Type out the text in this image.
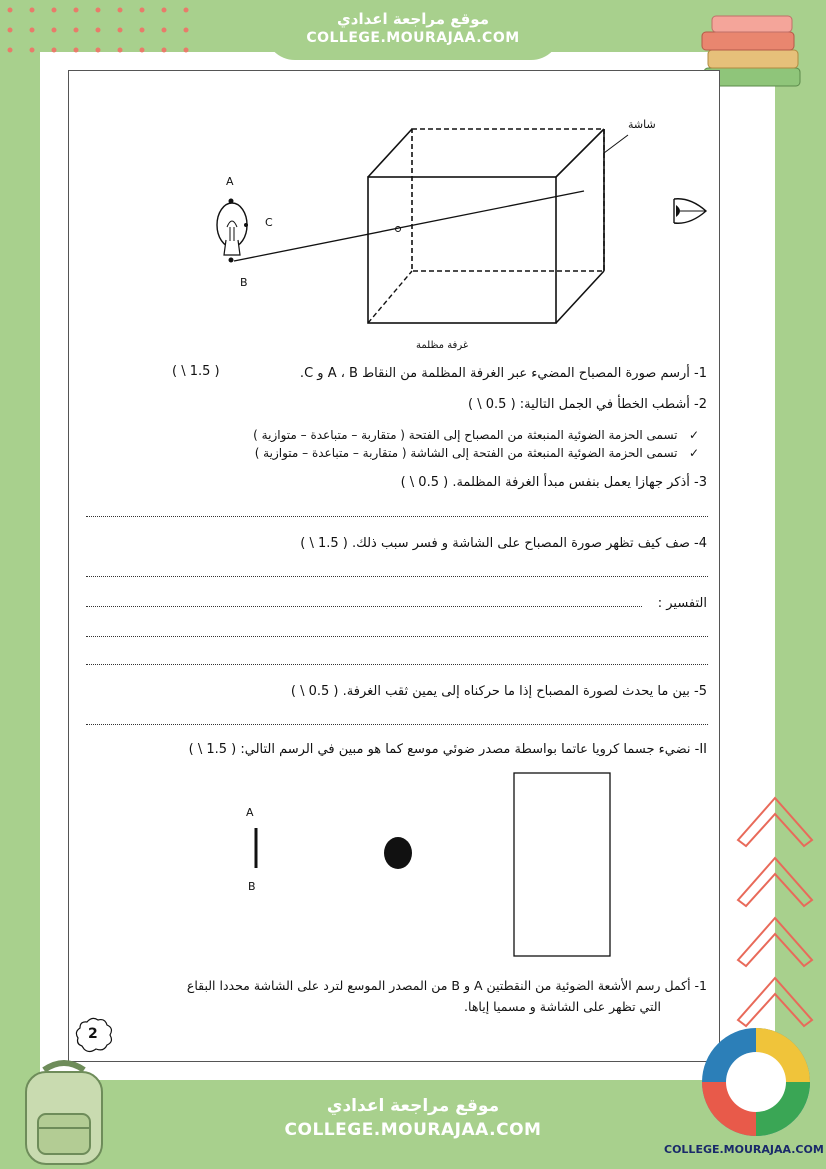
موقع مراجعة اعدادي
COLLEGE.MOURAJAA.COM
شاشة
A
C
B
غرفة مظلمة
1- أرسم صورة المصباح المضيء عبر الغرفة المظلمة من النقاط A ، B و C.
( 1.5 \ )
2- أشطب الخطأ في الجمل التالية: ( 0.5 \ )
✓   تسمى الحزمة الضوئية المنبعثة من المصباح إلى الفتحة ( متقاربة – متباعدة – متوازية )
✓   تسمى الحزمة الضوئية المنبعثة من الفتحة إلى الشاشة ( متقاربة – متباعدة – متوازية )
3- أذكر جهازا يعمل بنفس مبدأ الغرفة المظلمة. ( 0.5 \ )
4- صف كيف تظهر صورة المصباح على الشاشة و فسر سبب ذلك. ( 1.5 \ )
التفسير :
5- بين ما يحدث لصورة المصباح إذا ما حركناه إلى يمين ثقب الغرفة. ( 0.5 \ )
II- نضيء جسما كرويا عاتما بواسطة مصدر ضوئي موسع كما هو مبين في الرسم التالي: ( 1.5 \ )
A
B
1- أكمل رسم الأشعة الضوئية من النقطتين A و B من المصدر الموسع لترد على الشاشة محددا البقاع
التي تظهر على الشاشة و مسميا إياها.
2
موقع مراجعة اعدادي
COLLEGE.MOURAJAA.COM
COLLEGE.MOURAJAA.COM
